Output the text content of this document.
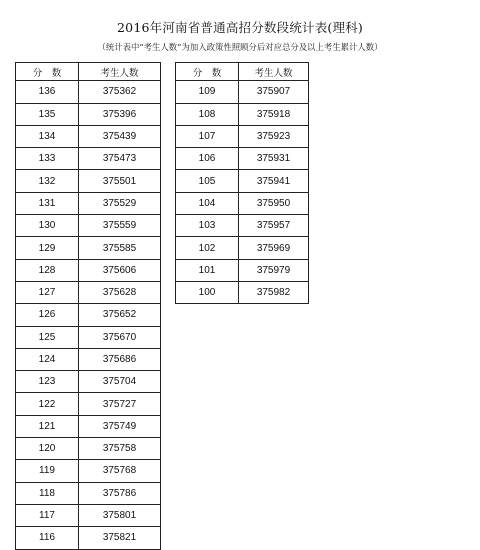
2016年河南省普通高招分数段统计表(理科)
（统计表中“考生人数”为加入政策性照顾分后对应总分及以上考生累计人数）
分　数	考生人数
136	375362
135	375396
134	375439
133	375473
132	375501
131	375529
130	375559
129	375585
128	375606
127	375628
126	375652
125	375670
124	375686
123	375704
122	375727
121	375749
120	375758
119	375768
118	375786
117	375801
116	375821
分　数	考生人数
109	375907
108	375918
107	375923
106	375931
105	375941
104	375950
103	375957
102	375969
101	375979
100	375982
